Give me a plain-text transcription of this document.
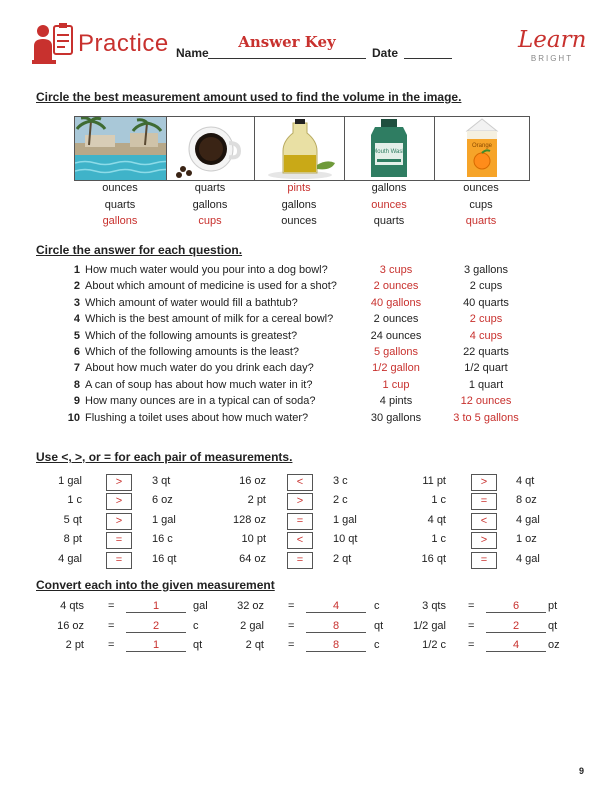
Practice Name
Answer Key
Date	Learn
BRIGHT
Circle the best measurement amount used to find the volume in the image.
Mouth Wash
Orange
ounces
quarts
gallons
quarts
gallons
cups
pints
gallons
ounces
gallons
ounces
quarts
ounces
cups
quarts
Circle the answer for each question.
1 How much water would you pour into a dog bowl?	3 cups	3 gallons
2 About which amount of medicine is used for a shot?	2 ounces	2 cups
3 Which amount of water would fill a bathtub?	40 gallons	40 quarts
4 Which is the best amount of milk for a cereal bowl?	2 ounces	2 cups
5 Which of the following amounts is greatest?	24 ounces	4 cups
6 Which of the following amounts is the least?	5 gallons	22 quarts
7 About how much water do you drink each day?	1/2 gallon	1/2 quart
8 A can of soup has about how much water in it?	1 cup	1 quart
9 How many ounces are in a typical can of soda?	4 pints	12 ounces
10 Flushing a toilet uses about how much water?	30 gallons	3 to 5 gallons
Use <, >, or = for each pair of measurements.
1 gal	>	3 qt	16 oz	<	3 c	11 pt	>	4 qt
1 c	>	6 oz	2 pt	>	2 c	1 c	=	8 oz
5 qt	>	1 gal	128 oz	=	1 gal	4 qt	<	4 gal
8 pt	=	16 c	10 pt	<	10 qt	1 c	>	1 oz
4 gal	=	16 qt	64 oz	=	2 qt	16 qt	=	4 gal
Convert each into the given measurement
4 qts =	1	gal	32 oz =	4	c	3 qts =	6	pt
16 oz =	2	c	2 gal =	8	qt	1/2 gal =	2	qt
2 pt =	1	qt	2 qt =	8	c	1/2 c =	4	oz
9
